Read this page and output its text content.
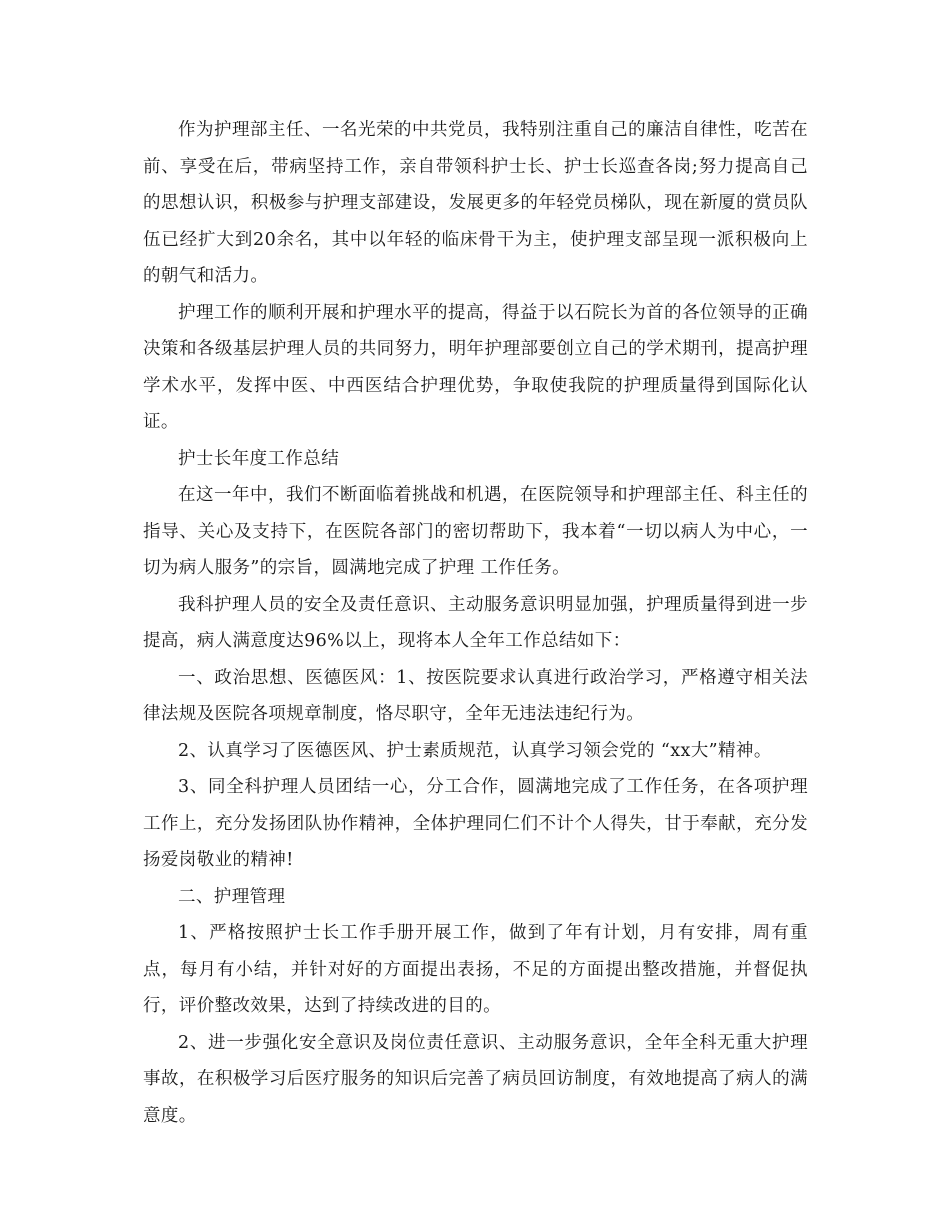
作为护理部主任、一名光荣的中共党员，我特别注重自己的廉洁自律性，吃苦在前、享受在后，带病坚持工作，亲自带领科护士长、护士长巡查各岗;努力提高自己的思想认识，积极参与护理支部建设，发展更多的年轻党员梯队，现在新厦的赏员队伍已经扩大到20余名，其中以年轻的临床骨干为主，使护理支部呈现一派积极向上的朝气和活力。

护理工作的顺利开展和护理水平的提高，得益于以石院长为首的各位领导的正确决策和各级基层护理人员的共同努力，明年护理部要创立自己的学术期刊，提高护理学术水平，发挥中医、中西医结合护理优势，争取使我院的护理质量得到国际化认证。

护士长年度工作总结

在这一年中，我们不断面临着挑战和机遇，在医院领导和护理部主任、科主任的指导、关心及支持下，在医院各部门的密切帮助下，我本着“一切以病人为中心，一切为病人服务”的宗旨，圆满地完成了护理 工作任务。

我科护理人员的安全及责任意识、主动服务意识明显加强，护理质量得到进一步提高，病人满意度达96%以上，现将本人全年工作总结如下：

一、政治思想、医德医风：1、按医院要求认真进行政治学习，严格遵守相关法律法规及医院各项规章制度，恪尽职守，全年无违法违纪行为。

2、认真学习了医德医风、护士素质规范，认真学习领会党的 “xx大”精神。

3、同全科护理人员团结一心，分工合作，圆满地完成了工作任务，在各项护理工作上，充分发扬团队协作精神，全体护理同仁们不计个人得失，甘于奉献，充分发扬爱岗敬业的精神!

二、护理管理

1、严格按照护士长工作手册开展工作，做到了年有计划，月有安排，周有重点，每月有小结，并针对好的方面提出表扬，不足的方面提出整改措施，并督促执行，评价整改效果，达到了持续改进的目的。

2、进一步强化安全意识及岗位责任意识、主动服务意识，全年全科无重大护理事故，在积极学习后医疗服务的知识后完善了病员回访制度，有效地提高了病人的满意度。
